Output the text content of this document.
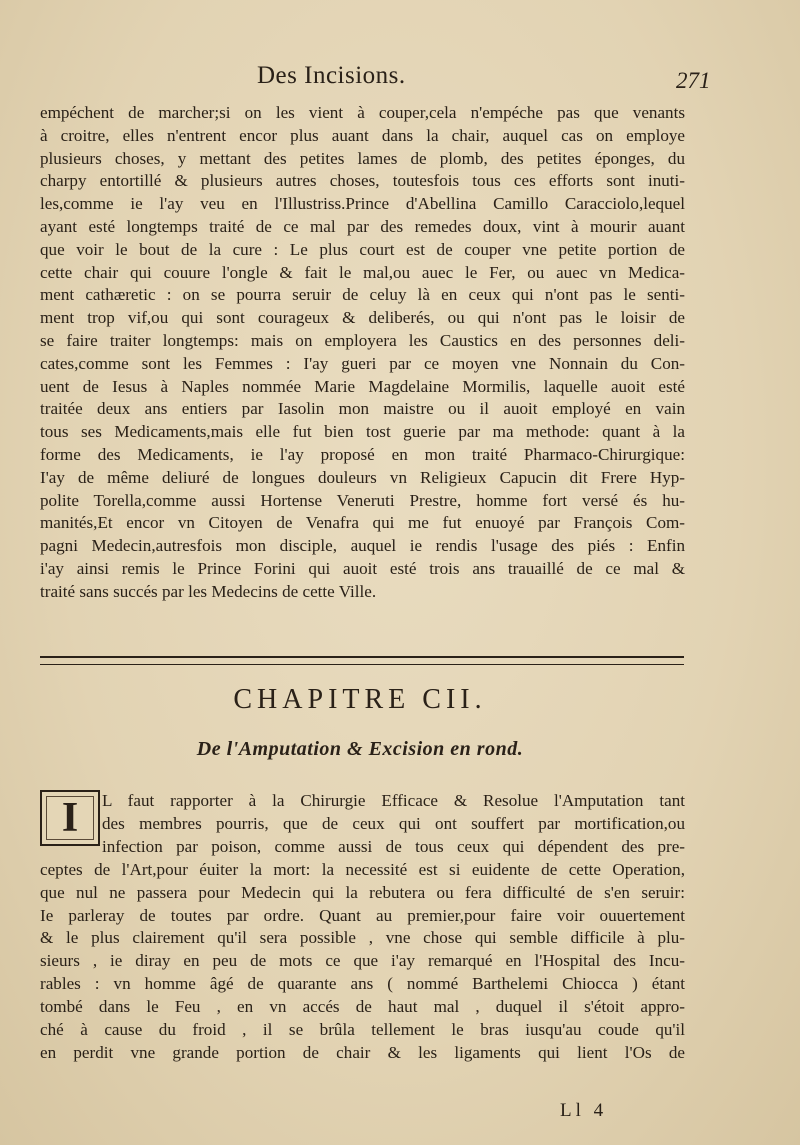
Des Incisions.	271
empéchent de marcher;si on les vient à couper,cela n'empéche pas que venants
à croitre, elles n'entrent encor plus auant dans la chair, auquel cas on employe
plusieurs choses, y mettant des petites lames de plomb, des petites éponges, du
charpy entortillé & plusieurs autres choses, toutesfois tous ces efforts sont inuti-
les,comme ie l'ay veu en l'Illustriss.Prince d'Abellina Camillo Caracciolo,lequel
ayant esté longtemps traité de ce mal par des remedes doux, vint à mourir auant
que voir le bout de la cure : Le plus court est de couper vne petite portion de
cette chair qui couure l'ongle & fait le mal,ou auec le Fer, ou auec vn Medica-
ment cathæretic : on se pourra seruir de celuy là en ceux qui n'ont pas le senti-
ment trop vif,ou qui sont courageux & deliberés, ou qui n'ont pas le loisir de
se faire traiter longtemps: mais on employera les Caustics en des personnes deli-
cates,comme sont les Femmes : I'ay gueri par ce moyen vne Nonnain du Con-
uent de Iesus à Naples nommée Marie Magdelaine Mormilis, laquelle auoit esté
traitée deux ans entiers par Iasolin mon maistre ou il auoit employé en vain
tous ses Medicaments,mais elle fut bien tost guerie par ma methode: quant à la
forme des Medicaments, ie l'ay proposé en mon traité Pharmaco-Chirurgique:
I'ay de même deliuré de longues douleurs vn Religieux Capucin dit Frere Hyp-
polite Torella,comme aussi Hortense Veneruti Prestre, homme fort versé és hu-
manités,Et encor vn Citoyen de Venafra qui me fut enuoyé par François Com-
pagni Medecin,autresfois mon disciple, auquel ie rendis l'usage des piés : Enfin
i'ay ainsi remis le Prince Forini qui auoit esté trois ans trauaillé de ce mal &
traité sans succés par les Medecins de cette Ville.
CHAPITRE CII.
De l'Amputation & Excision en rond.
I	L faut rapporter à la Chirurgie Efficace & Resolue l'Amputation tant
des membres pourris, que de ceux qui ont souffert par mortification,ou
infection par poison, comme aussi de tous ceux qui dépendent des pre-
ceptes de l'Art,pour éuiter la mort: la necessité est si euidente de cette Operation,
que nul ne passera pour Medecin qui la rebutera ou fera difficulté de s'en seruir:
Ie parleray de toutes par ordre. Quant au premier,pour faire voir ouuertement
& le plus clairement qu'il sera possible , vne chose qui semble difficile à plu-
sieurs , ie diray en peu de mots ce que i'ay remarqué en l'Hospital des Incu-
rables : vn homme âgé de quarante ans ( nommé Barthelemi Chiocca ) étant
tombé dans le Feu , en vn accés de haut mal , duquel il s'étoit appro-
ché à cause du froid , il se brûla tellement le bras iusqu'au coude qu'il
en perdit vne grande portion de chair & les ligaments qui lient l'Os de
Ll 4
